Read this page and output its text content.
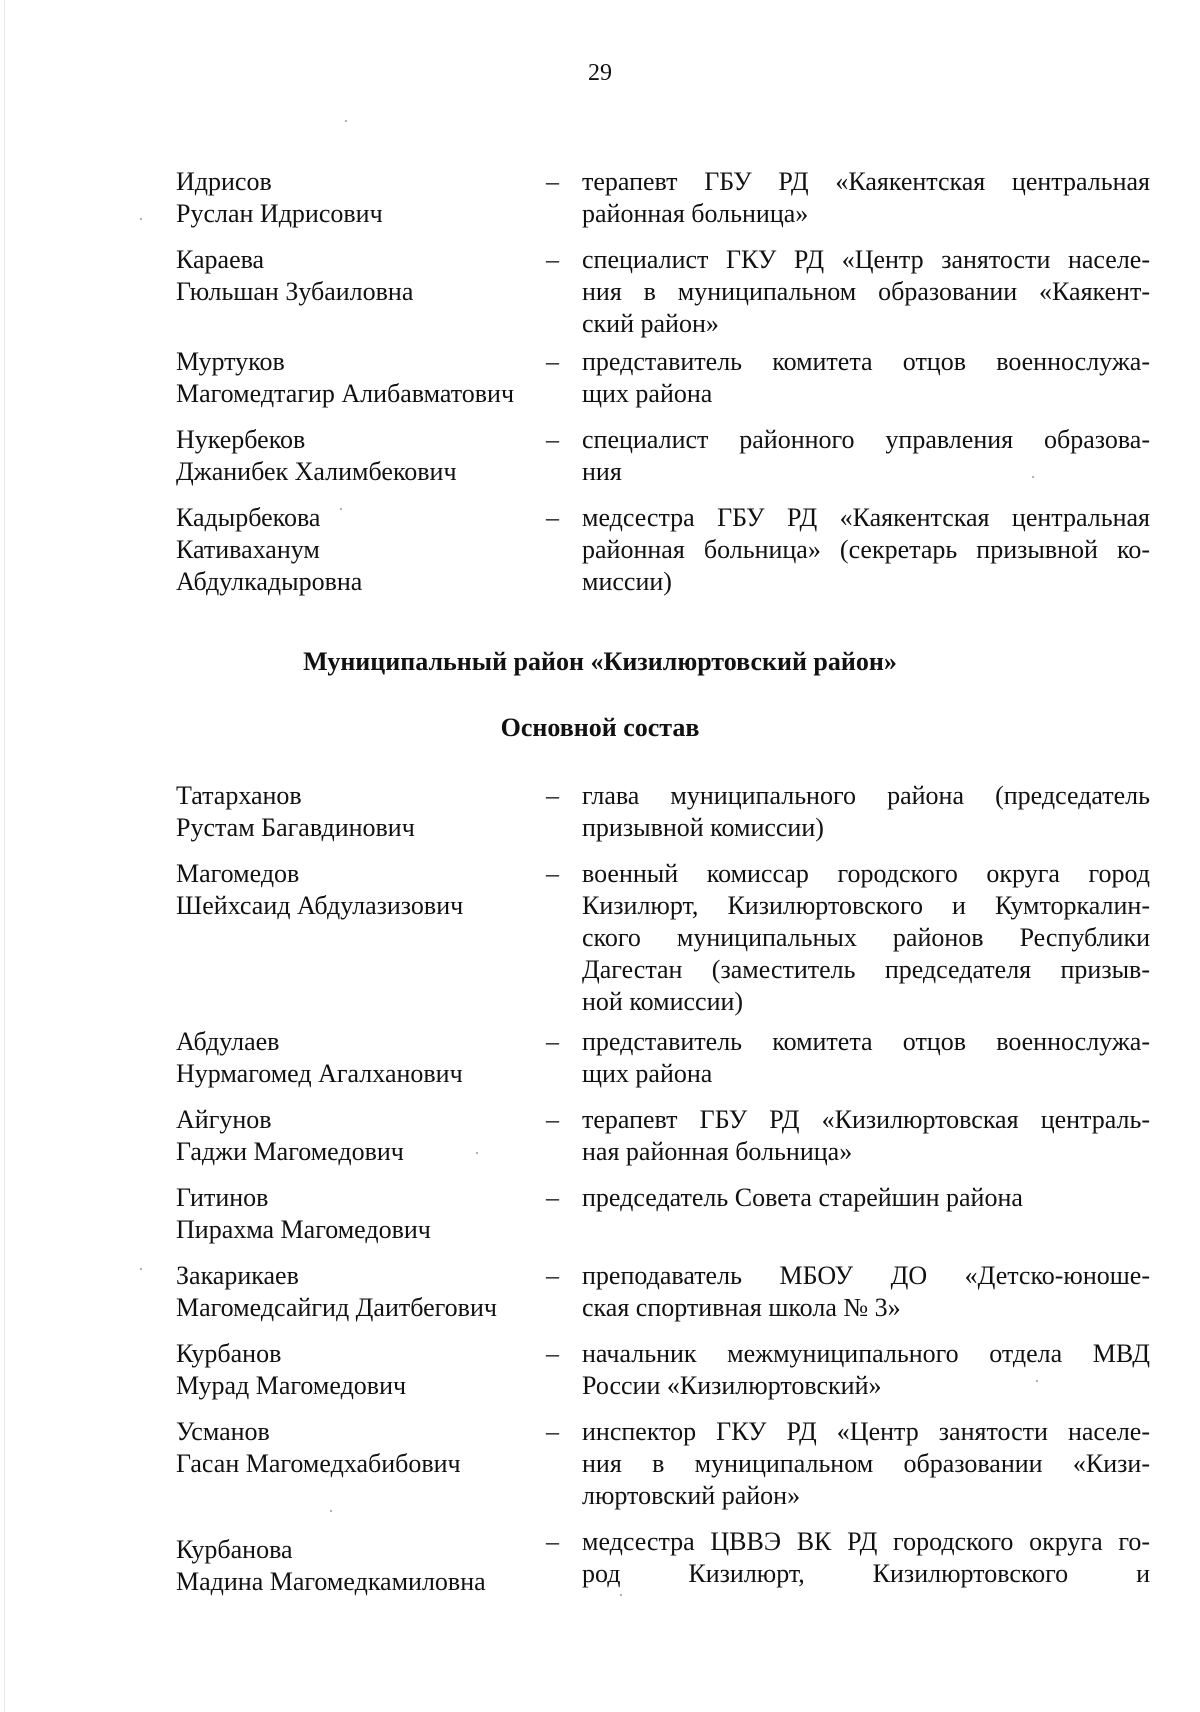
29
Идрисов
Руслан Идрисович
– терапевт ГБУ РД «Каякентская центральная
районная больница»
Караева
Гюльшан Зубаиловна
– специалист ГКУ РД «Центр занятости населе-
ния в муниципальном образовании «Каякент-
ский район»
Муртуков
Магомедтагир Алибавматович
– представитель комитета отцов военнослужа-
щих района
Нукербеков
Джанибек Халимбекович
– специалист районного управления образова-
ния
Кадырбекова
Кативаханум
Абдулкадыровна
– медсестра ГБУ РД «Каякентская центральная
районная больница» (секретарь призывной ко-
миссии)
Муниципальный район «Кизилюртовский район»
Основной состав
Татарханов
Рустам Багавдинович
– глава муниципального района (председатель
призывной комиссии)
Магомедов
Шейхсаид Абдулазизович
– военный комиссар городского округа город
Кизилюрт, Кизилюртовского и Кумторкалин-
ского муниципальных районов Республики
Дагестан (заместитель председателя призыв-
ной комиссии)
Абдулаев
Нурмагомед Агалханович
– представитель комитета отцов военнослужа-
щих района
Айгунов
Гаджи Магомедович
– терапевт ГБУ РД «Кизилюртовская централь-
ная районная больница»
Гитинов
Пирахма Магомедович
– председатель Совета старейшин района
Закарикаев
Магомедсайгид Даитбегович
– преподаватель МБОУ ДО «Детско-юноше-
ская спортивная школа № 3»
Курбанов
Мурад Магомедович
– начальник межмуниципального отдела МВД
России «Кизилюртовский»
Усманов
Гасан Магомедхабибович
– инспектор ГКУ РД «Центр занятости населе-
ния в муниципальном образовании «Кизи-
люртовский район»
Курбанова
Мадина Магомедкамиловна
– медсестра ЦВВЭ ВК РД городского округа го-
род Кизилюрт, Кизилюртовского и
